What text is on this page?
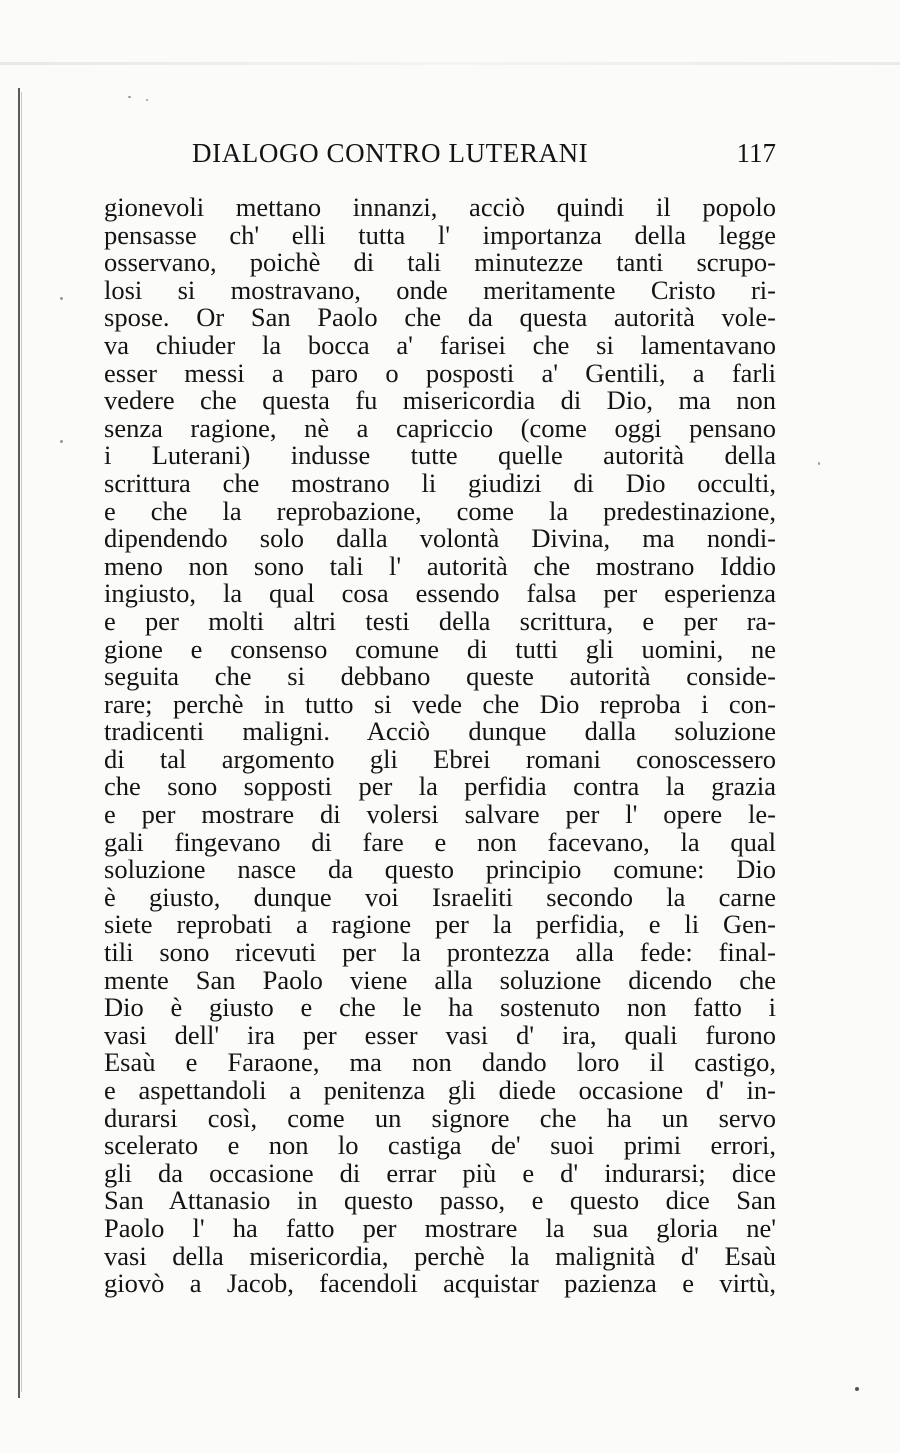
DIALOGO CONTRO LUTERANI	117
gionevoli mettano innanzi, acciò quindi il popolo
pensasse ch' elli tutta l' importanza della legge
osservano, poichè di tali minutezze tanti scrupo-
losi si mostravano, onde meritamente Cristo ri-
spose. Or San Paolo che da questa autorità vole-
va chiuder la bocca a' farisei che si lamentavano
esser messi a paro o posposti a' Gentili, a farli
vedere che questa fu misericordia di Dio, ma non
senza ragione, nè a capriccio (come oggi pensano
i Luterani) indusse tutte quelle autorità della
scrittura che mostrano li giudizi di Dio occulti,
e che la reprobazione, come la predestinazione,
dipendendo solo dalla volontà Divina, ma nondi-
meno non sono tali l' autorità che mostrano Iddio
ingiusto, la qual cosa essendo falsa per esperienza
e per molti altri testi della scrittura, e per ra-
gione e consenso comune di tutti gli uomini, ne
seguita che si debbano queste autorità conside-
rare; perchè in tutto si vede che Dio reproba i con-
tradicenti maligni. Acciò dunque dalla soluzione
di tal argomento gli Ebrei romani conoscessero
che sono sopposti per la perfidia contra la grazia
e per mostrare di volersi salvare per l' opere le-
gali fingevano di fare e non facevano, la qual
soluzione nasce da questo principio comune: Dio
è giusto, dunque voi Israeliti secondo la carne
siete reprobati a ragione per la perfidia, e li Gen-
tili sono ricevuti per la prontezza alla fede: final-
mente San Paolo viene alla soluzione dicendo che
Dio è giusto e che le ha sostenuto non fatto i
vasi dell' ira per esser vasi d' ira, quali furono
Esaù e Faraone, ma non dando loro il castigo,
e aspettandoli a penitenza gli diede occasione d' in-
durarsi così, come un signore che ha un servo
scelerato e non lo castiga de' suoi primi errori,
gli da occasione di errar più e d' indurarsi; dice
San Attanasio in questo passo, e questo dice San
Paolo l' ha fatto per mostrare la sua gloria ne'
vasi della misericordia, perchè la malignità d' Esaù
giovò a Jacob, facendoli acquistar pazienza e virtù,
